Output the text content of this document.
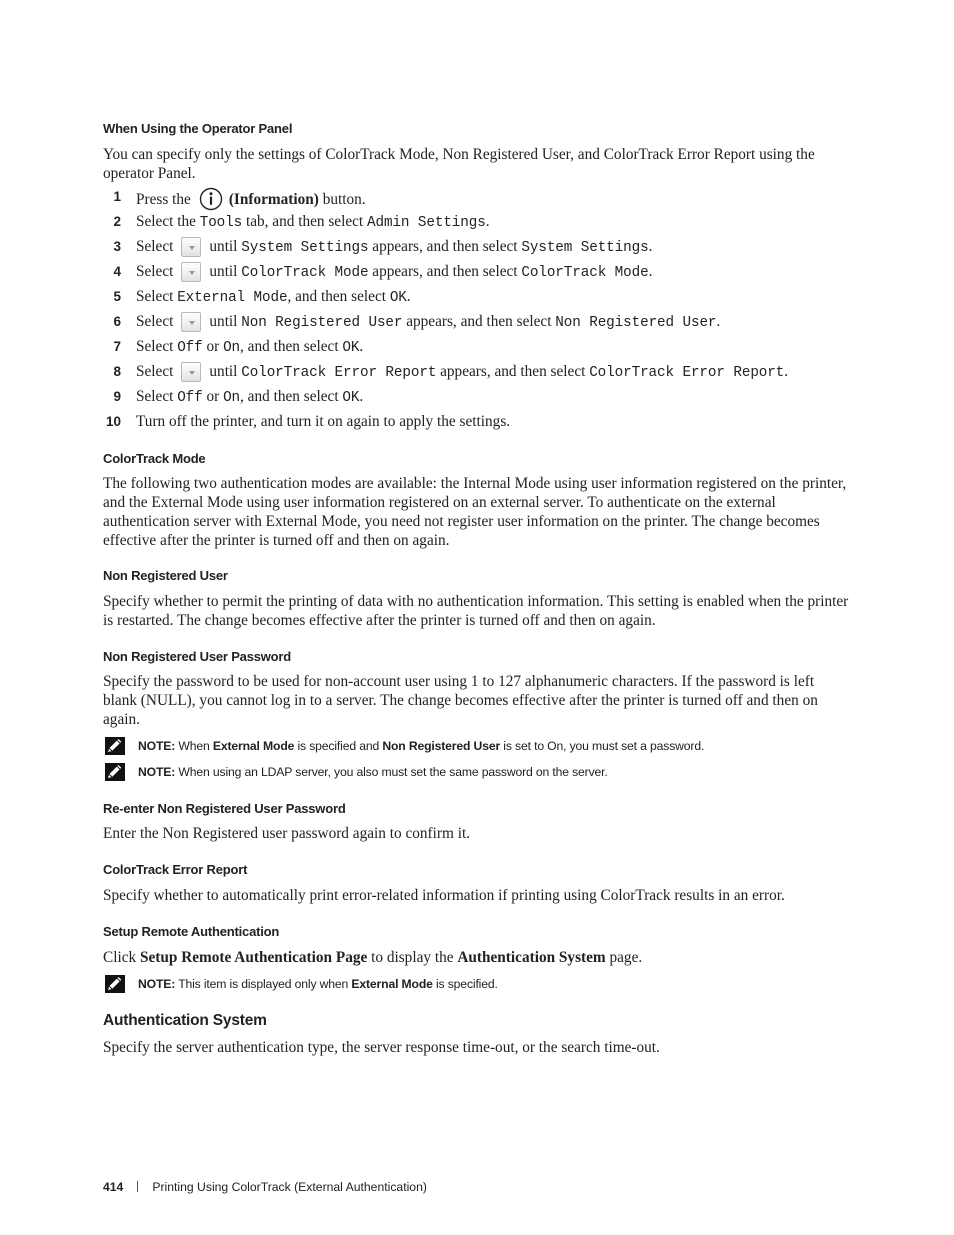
When Using the Operator Panel

You can specify only the settings of ColorTrack Mode, Non Registered User, and ColorTrack Error Report using the operator Panel.

1 Press the (Information) button.
2 Select the Tools tab, and then select Admin Settings.
3 Select until System Settings appears, and then select System Settings.
4 Select until ColorTrack Mode appears, and then select ColorTrack Mode.
5 Select External Mode, and then select OK.
6 Select until Non Registered User appears, and then select Non Registered User.
7 Select Off or On, and then select OK.
8 Select until ColorTrack Error Report appears, and then select ColorTrack Error Report.
9 Select Off or On, and then select OK.
10 Turn off the printer, and turn it on again to apply the settings.
ColorTrack Mode

The following two authentication modes are available: the Internal Mode using user information registered on the printer, and the External Mode using user information registered on an external server. To authenticate on the external authentication server with External Mode, you need not register user information on the printer. The change becomes effective after the printer is turned off and then on again.

Non Registered User

Specify whether to permit the printing of data with no authentication information. This setting is enabled when the printer is restarted. The change becomes effective after the printer is turned off and then on again.

Non Registered User Password

Specify the password to be used for non-account user using 1 to 127 alphanumeric characters. If the password is left blank (NULL), you cannot log in to a server. The change becomes effective after the printer is turned off and then on again.

NOTE: When External Mode is specified and Non Registered User is set to On, you must set a password.
NOTE: When using an LDAP server, you also must set the same password on the server.
Re-enter Non Registered User Password

Enter the Non Registered user password again to confirm it.

ColorTrack Error Report

Specify whether to automatically print error-related information if printing using ColorTrack results in an error.

Setup Remote Authentication

Click Setup Remote Authentication Page to display the Authentication System page.

NOTE: This item is displayed only when External Mode is specified.
Authentication System

Specify the server authentication type, the server response time-out, or the search time-out.

414 Printing Using ColorTrack (External Authentication)
